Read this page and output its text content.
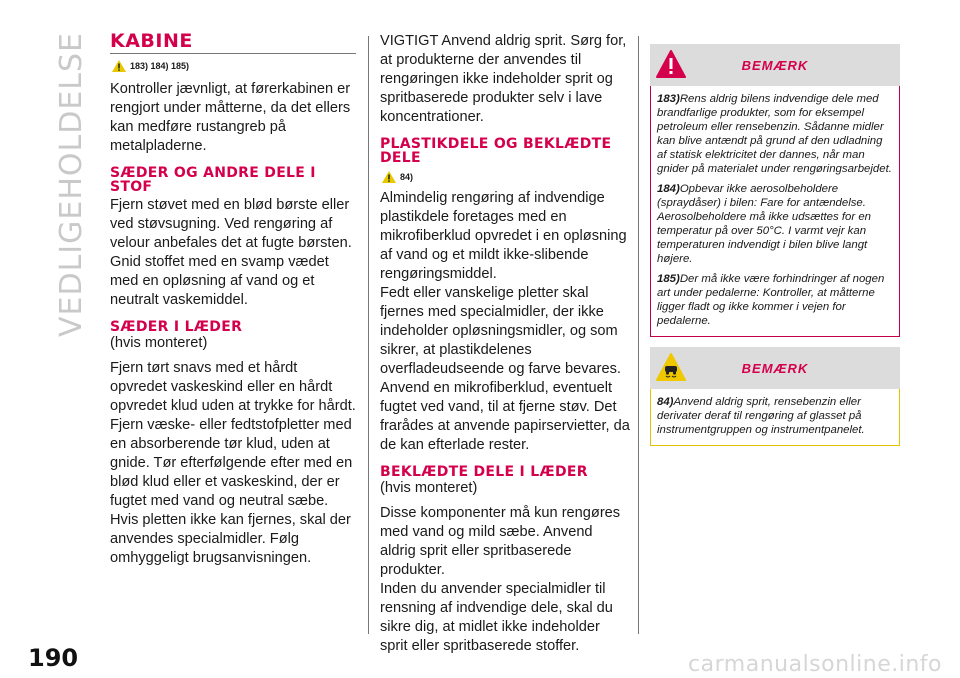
VEDLIGEHOLDELSE
190	carmanualsonline.info
KABINE
183) 184) 185)

Kontroller jævnligt, at førerkabinen er rengjort under måtterne, da det ellers kan medføre rustangreb på metalpladerne.

SÆDER OG ANDRE DELE I STOF

Fjern støvet med en blød børste eller ved støvsugning. Ved rengøring af velour anbefales det at fugte børsten. Gnid stoffet med en svamp vædet med en opløsning af vand og et neutralt vaskemiddel.

SÆDER I LÆDER

(hvis monteret)

Fjern tørt snavs med et hårdt opvredet vaskeskind eller en hårdt opvredet klud uden at trykke for hårdt.

Fjern væske- eller fedtstofpletter med en absorberende tør klud, uden at gnide. Tør efterfølgende efter med en blød klud eller et vaskeskind, der er fugtet med vand og neutral sæbe. Hvis pletten ikke kan fjernes, skal der anvendes specialmidler. Følg omhyggeligt brugsanvisningen.

VIGTIGT Anvend aldrig sprit. Sørg for, at produkterne der anvendes til rengøringen ikke indeholder sprit og spritbaserede produkter selv i lave koncentrationer.

PLASTIKDELE OG BEKLÆDTE DELE
84)

Almindelig rengøring af indvendige plastikdele foretages med en mikrofiberklud opvredet i en opløsning af vand og et mildt ikke-slibende rengøringsmiddel.

Fedt eller vanskelige pletter skal fjernes med specialmidler, der ikke indeholder opløsningsmidler, og som sikrer, at plastikdelenes overfladeudseende og farve bevares.

Anvend en mikrofiberklud, eventuelt fugtet ved vand, til at fjerne støv. Det frarådes at anvende papirservietter, da de kan efterlade rester.

BEKLÆDTE DELE I LÆDER

(hvis monteret)

Disse komponenter må kun rengøres med vand og mild sæbe. Anvend aldrig sprit eller spritbaserede produkter.

Inden du anvender specialmidler til rensning af indvendige dele, skal du sikre dig, at midlet ikke indeholder sprit eller spritbaserede stoffer.

BEMÆRK

183)Rens aldrig bilens indvendige dele med brandfarlige produkter, som for eksempel petroleum eller rensebenzin. Sådanne midler kan blive antændt på grund af den udladning af statisk elektricitet der dannes, når man gnider på materialet under rengøringsarbejdet.

184)Opbevar ikke aerosolbeholdere (spraydåser) i bilen: Fare for antændelse. Aerosolbeholdere må ikke udsættes for en temperatur på over 50°C. I varmt vejr kan temperaturen indvendigt i bilen blive langt højere.

185)Der må ikke være forhindringer af nogen art under pedalerne: Kontroller, at måtterne ligger fladt og ikke kommer i vejen for pedalerne.

BEMÆRK

84)Anvend aldrig sprit, rensebenzin eller derivater deraf til rengøring af glasset på instrumentgruppen og instrumentpanelet.
